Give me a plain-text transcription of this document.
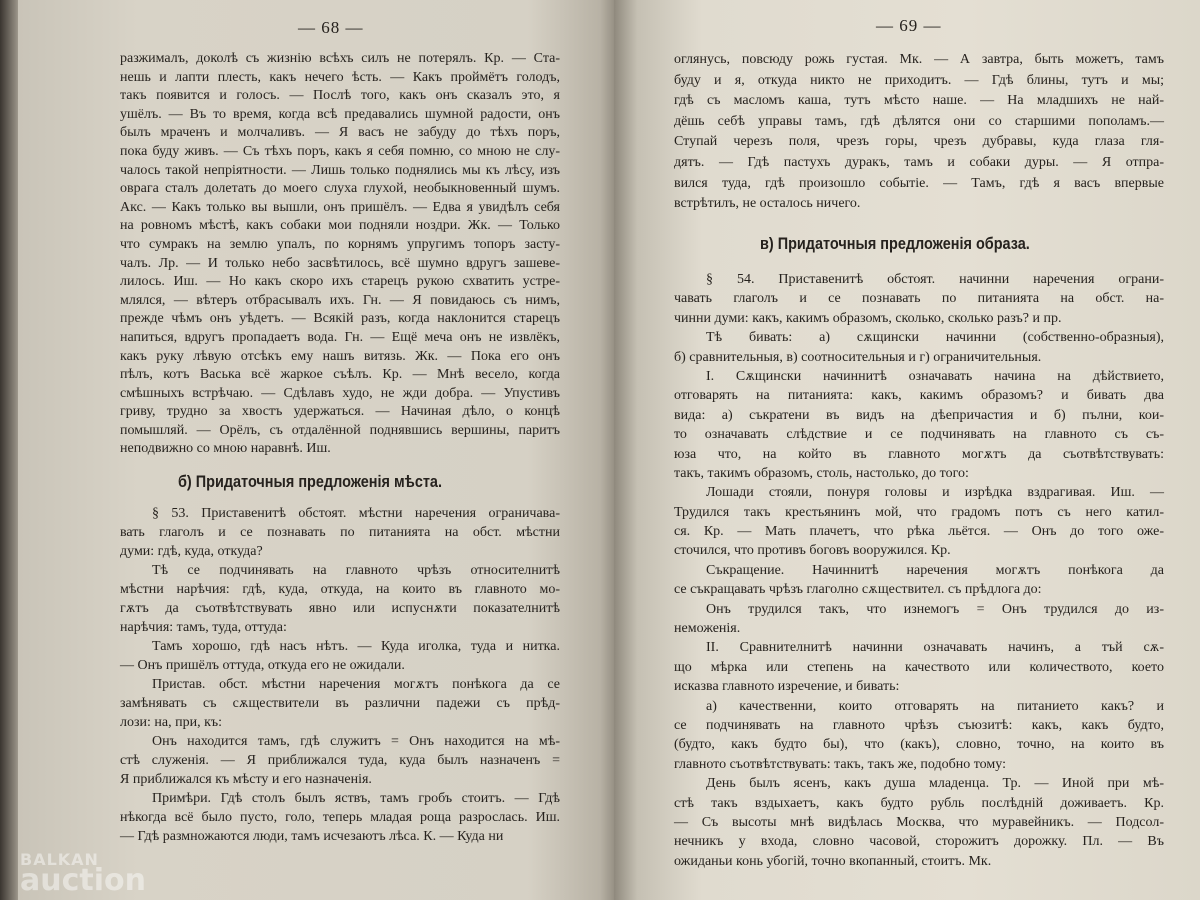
— 68 —
разжималъ, доколѣ съ жизнію всѣхъ силъ не потерялъ. Кр. — Ста-
нешь и лапти плесть, какъ нечего ѣсть. — Какъ проймётъ голодъ,
такъ появится и голосъ. — Послѣ того, какъ онъ сказалъ это, я
ушёлъ. — Въ то время, когда всѣ предавались шумной радости, онъ
былъ мраченъ и молчаливъ. — Я васъ не забуду до тѣхъ поръ,
пока буду живъ. — Съ тѣхъ поръ, какъ я себя помню, со мною не слу-
чалось такой непріятности. — Лишь только поднялись мы къ лѣсу, изъ
оврага сталъ долетать до моего слуха глухой, необыкновенный шумъ.
Акс. — Какъ только вы вышли, онъ пришёлъ. — Едва я увидѣлъ себя
на ровномъ мѣстѣ, какъ собаки мои подняли ноздри. Жк. — Только
что сумракъ на землю упалъ, по корнямъ упругимъ топоръ засту-
чалъ. Лр. — И только небо засвѣтилось, всё шумно вдругъ зашеве-
лилось. Иш. — Но какъ скоро ихъ старецъ рукою схватить устре-
млялся, — вѣтеръ отбрасывалъ ихъ. Гн. — Я повидаюсь съ нимъ,
прежде чѣмъ онъ уѣдетъ. — Всякій разъ, когда наклонится старецъ
напиться, вдругъ пропадаетъ вода. Гн. — Ещё меча онъ не извлёкъ,
какъ руку лѣвую отсѣкъ ему нашъ витязь. Жк. — Пока его онъ
пѣлъ, котъ Васька всё жаркое съѣлъ. Кр. — Мнѣ весело, когда
смѣшныхъ встрѣчаю. — Сдѣлавъ худо, не жди добра. — Упустивъ
гриву, трудно за хвостъ удержаться. — Начиная дѣло, о концѣ
помышляй. — Орёлъ, съ отдалённой поднявшись вершины, паритъ
неподвижно со мною наравнѣ. Иш.
б) Придаточныя предложенія мѣста.
§ 53. Приставенитѣ обстоят. мѣстни наречения ограничава-
вать глаголъ и се познавать по питанията на обст. мѣстни
думи: гдѣ, куда, откуда?
Тѣ се подчинявать на главното чрѣзъ относителнитѣ
мѣстни нарѣчия: гдѣ, куда, откуда, на които въ главното мо-
гѫтъ да съотвѣтствувать явно или испуснѫти показателнитѣ
нарѣчия: тамъ, туда, оттуда:
Тамъ хорошо, гдѣ насъ нѣтъ. — Куда иголка, туда и нитка.
— Онъ пришёлъ оттуда, откуда его не ожидали.
Пристав. обст. мѣстни наречения могѫтъ понѣкога да се
замѣнявать съ сѫществители въ различни падежи съ прѣд-
лози: на, при, къ:
Онъ находится тамъ, гдѣ служитъ = Онъ находится на мѣ-
стѣ служенія. — Я приближался туда, куда былъ назначенъ =
Я приближался къ мѣсту и его назначенія.
Примѣри. Гдѣ столъ былъ яствъ, тамъ гробъ стоитъ. — Гдѣ
нѣкогда всё было пусто, голо, теперь младая роща разрослась. Иш.
— Гдѣ размножаются люди, тамъ исчезаютъ лѣса. К. — Куда ни
BALKAN
auction
— 69 —
оглянусь, повсюду рожь густая. Мк. — А завтра, быть можетъ, тамъ
буду и я, откуда никто не приходитъ. — Гдѣ блины, тутъ и мы;
гдѣ съ масломъ каша, тутъ мѣсто наше. — На младшихъ не най-
дёшь себѣ управы тамъ, гдѣ дѣлятся они со старшими пополамъ.—
Ступай черезъ поля, чрезъ горы, чрезъ дубравы, куда глаза гля-
дятъ. — Гдѣ пастухъ дуракъ, тамъ и собаки дуры. — Я отпра-
вился туда, гдѣ произошло событіе. — Тамъ, гдѣ я васъ впервые
встрѣтилъ, не осталось ничего.
в) Придаточныя предложенія образа.
§ 54. Приставенитѣ обстоят. начинни наречения ограни-
чавать глаголъ и се познавать по питанията на обст. на-
чинни думи: какъ, какимъ образомъ, сколько, сколько разъ? и пр.
Тѣ бивать: а) сѫщински начинни (собственно-образныя),
б) сравнительныя, в) соотносительныя и г) ограничительныя.
I. Сѫщински начиннитѣ означавать начина на дѣйствието,
отговарять на питанията: какъ, какимъ образомъ? и бивать два
вида: а) съкратени въ видъ на дѣепричастия и б) пълни, кои-
то означавать слѣдствие и се подчинявать на главното съ съ-
юза что, на който въ главното могѫтъ да съотвѣтствувать:
такъ, такимъ образомъ, столь, настолько, до того:
Лошади стояли, понуря головы и изрѣдка вздрагивая. Иш. —
Трудился такъ крестьянинъ мой, что градомъ потъ съ него катил-
ся. Кр. — Мать плачетъ, что рѣка льётся. — Онъ до того оже-
сточился, что противъ боговъ вооружился. Кр.
Съкращение. Начиннитѣ наречения могѫтъ понѣкога да
се съкращавать чрѣзъ глаголно сѫществител. съ прѣдлога до:
Онъ трудился такъ, что изнемогъ = Онъ трудился до из-
неможенія.
II. Сравнителнитѣ начинни означавать начинъ, а тъй сѫ-
що мѣрка или степень на качеството или количеството, което
исказва главното изречение, и бивать:
а) качественни, които отговарять на питанието какъ? и
се подчинявать на главното чрѣзъ съюзитѣ: какъ, какъ будто,
(будто, какъ будто бы), что (какъ), словно, точно, на които въ
главното съотвѣтствувать: такъ, такъ же, подобно тому:
День былъ ясенъ, какъ душа младенца. Тр. — Иной при мѣ-
стѣ такъ вздыхаетъ, какъ будто рубль послѣдній доживаетъ. Кр.
— Съ высоты мнѣ видѣлась Москва, что муравейникъ. — Подсол-
нечникъ у входа, словно часовой, сторожитъ дорожку. Пл. — Въ
ожиданьи конь убогій, точно вкопанный, стоитъ. Мк.
